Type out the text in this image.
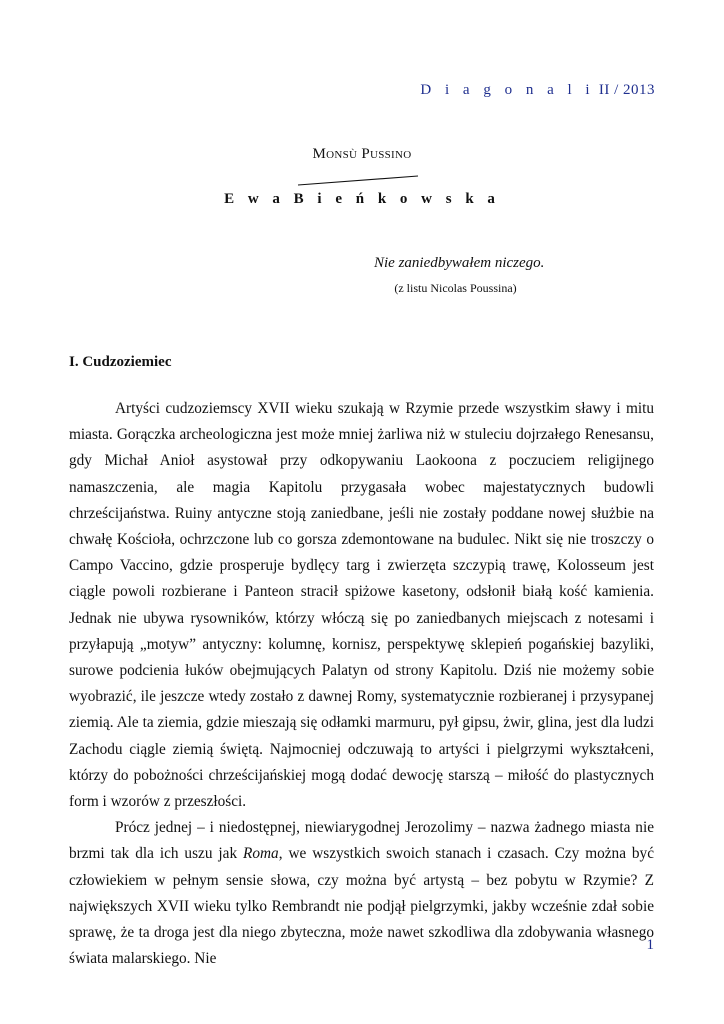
D i a g o n a l i II / 2013
Monsù Pussino
E w a B i e ń k o w s k a
Nie zaniedbywałem niczego.
(z listu Nicolas Poussina)
I. Cudzoziemiec

Artyści cudzoziemscy XVII wieku szukają w Rzymie przede wszystkim sławy i mitu miasta. Gorączka archeologiczna jest może mniej żarliwa niż w stuleciu dojrzałego Renesansu, gdy Michał Anioł asystował przy odkopywaniu Laokoona z poczuciem religijnego namaszczenia, ale magia Kapitolu przygasała wobec majestatycznych budowli chrześcijaństwa. Ruiny antyczne stoją zaniedbane, jeśli nie zostały poddane nowej służbie na chwałę Kościoła, ochrzczone lub co gorsza zdemontowane na budulec. Nikt się nie troszczy o Campo Vaccino, gdzie prosperuje bydlęcy targ i zwierzęta szczypią trawę, Kolosseum jest ciągle powoli rozbierane i Panteon stracił spiżowe kasetony, odsłonił białą kość kamienia. Jednak nie ubywa rysowników, którzy włóczą się po zaniedbanych miejscach z notesami i przyłapują „motyw” antyczny: kolumnę, kornisz, perspektywę sklepień pogańskiej bazyliki, surowe podcienia łuków obejmujących Palatyn od strony Kapitolu. Dziś nie możemy sobie wyobrazić, ile jeszcze wtedy zostało z dawnej Romy, systematycznie rozbieranej i przysypanej ziemią. Ale ta ziemia, gdzie mieszają się odłamki marmuru, pył gipsu, żwir, glina, jest dla ludzi Zachodu ciągle ziemią świętą. Najmocniej odczuwają to artyści i pielgrzymi wykształceni, którzy do pobożności chrześcijańskiej mogą dodać dewocję starszą – miłość do plastycznych form i wzorów z przeszłości.

Prócz jednej – i niedostępnej, niewiarygodnej Jerozolimy – nazwa żadnego miasta nie brzmi tak dla ich uszu jak Roma, we wszystkich swoich stanach i czasach. Czy można być człowiekiem w pełnym sensie słowa, czy można być artystą – bez pobytu w Rzymie? Z największych XVII wieku tylko Rembrandt nie podjął pielgrzymki, jakby wcześnie zdał sobie sprawę, że ta droga jest dla niego zbyteczna, może nawet szkodliwa dla zdobywania własnego świata malarskiego. Nie

1
